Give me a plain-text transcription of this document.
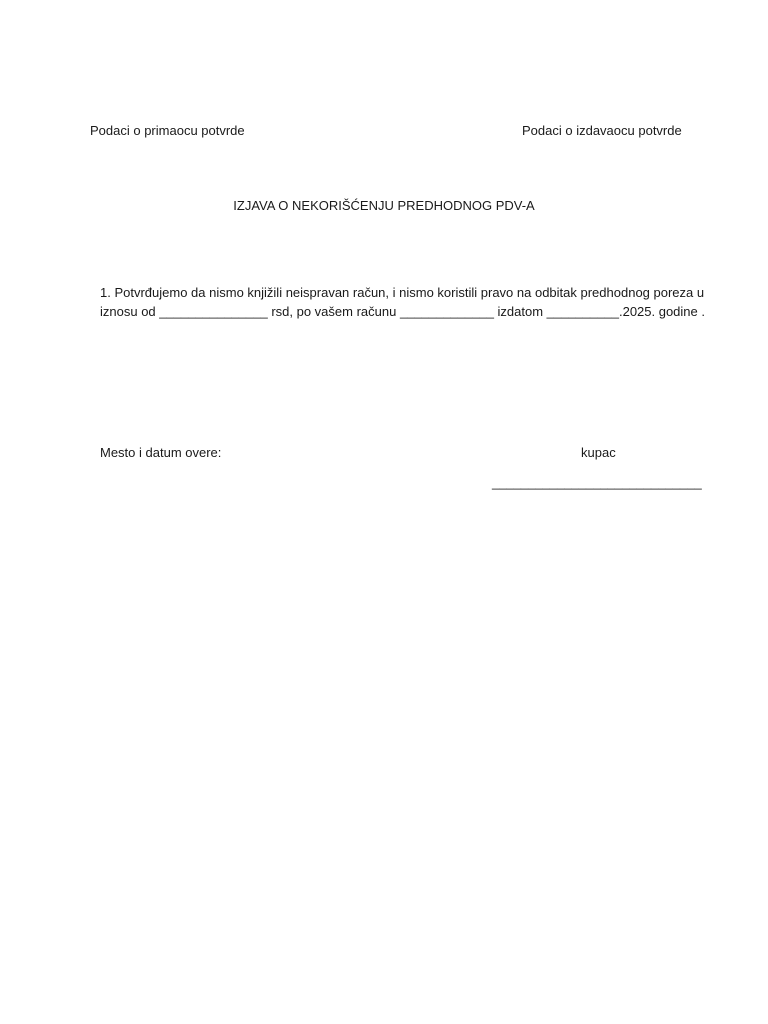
Podaci o primaocu potvrde	Podaci o izdavaocu potvrde
IZJAVA O NEKORIŠĆENJU PREDHODNOG PDV-A
1. Potvrđujemo da nismo knjižili neispravan račun, i nismo koristili pravo na odbitak predhodnog poreza u
iznosu od _______________ rsd, po vašem računu _____________ izdatom __________.2025. godine .
Mesto i datum overe:	kupac
_____________________________
